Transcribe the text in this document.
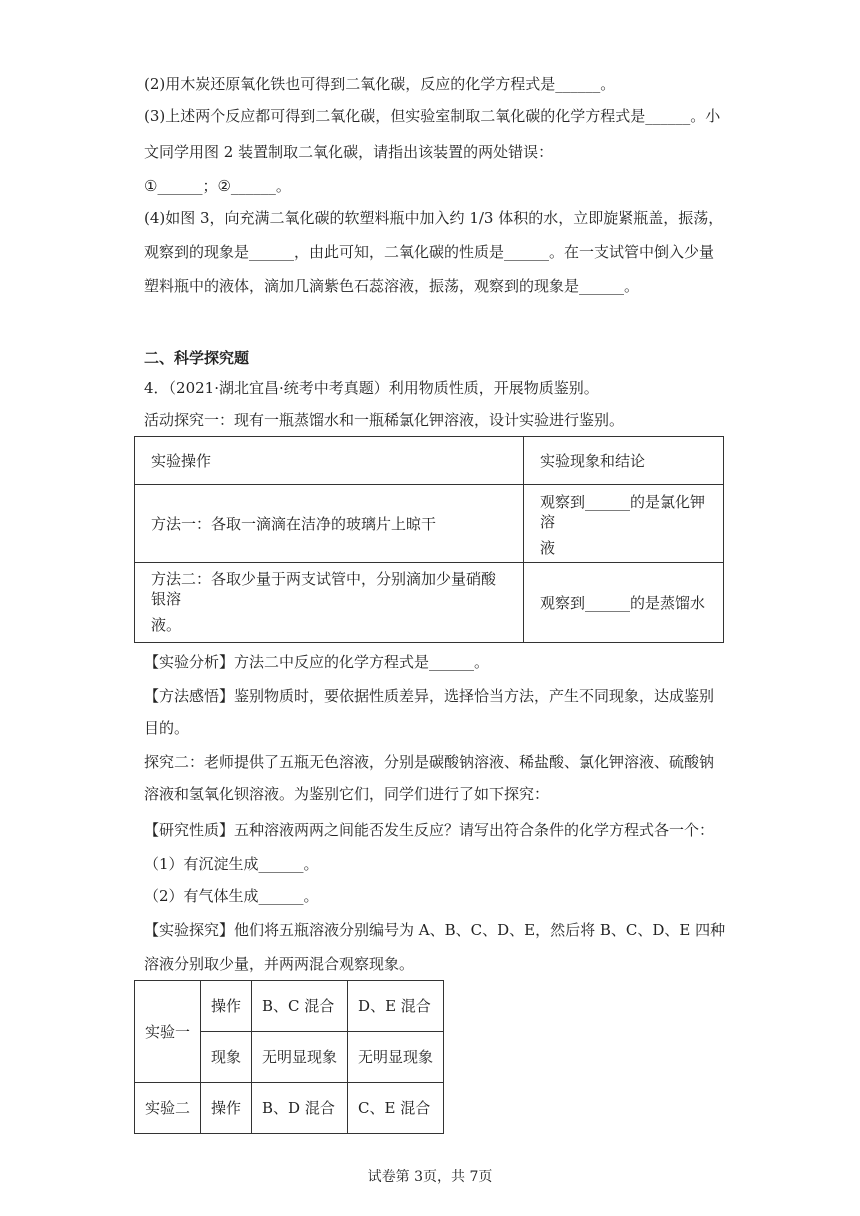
(2)用木炭还原氧化铁也可得到二氧化碳，反应的化学方程式是______。
(3)上述两个反应都可得到二氧化碳，但实验室制取二氧化碳的化学方程式是______。小
文同学用图 2 装置制取二氧化碳，请指出该装置的两处错误：
①______；②______。
(4)如图 3，向充满二氧化碳的软塑料瓶中加入约 1/3 体积的水，立即旋紧瓶盖，振荡，
观察到的现象是______，由此可知，二氧化碳的性质是______。在一支试管中倒入少量
塑料瓶中的液体，滴加几滴紫色石蕊溶液，振荡，观察到的现象是______。
二、科学探究题
4．（2021·湖北宜昌·统考中考真题）利用物质性质，开展物质鉴别。
活动探究一：现有一瓶蒸馏水和一瓶稀氯化钾溶液，设计实验进行鉴别。
实验操作	实验现象和结论
方法一：各取一滴滴在洁净的玻璃片上晾干	观察到______的是氯化钾溶
液

方法二：各取少量于两支试管中，分别滴加少量硝酸银溶
液。	观察到______的是蒸馏水
【实验分析】方法二中反应的化学方程式是______。
【方法感悟】鉴别物质时，要依据性质差异，选择恰当方法，产生不同现象，达成鉴别
目的。
探究二：老师提供了五瓶无色溶液，分别是碳酸钠溶液、稀盐酸、氯化钾溶液、硫酸钠
溶液和氢氧化钡溶液。为鉴别它们，同学们进行了如下探究：
【研究性质】五种溶液两两之间能否发生反应？请写出符合条件的化学方程式各一个：
（1）有沉淀生成______。
（2）有气体生成______。
【实验探究】他们将五瓶溶液分别编号为 A、B、C、D、E，然后将 B、C、D、E 四种
溶液分别取少量，并两两混合观察现象。
实验一	操作	B、C 混合	D、E 混合
	现象	无明显现象	无明显现象
实验二	操作	B、D 混合	C、E 混合
试卷第 3页，共 7页
